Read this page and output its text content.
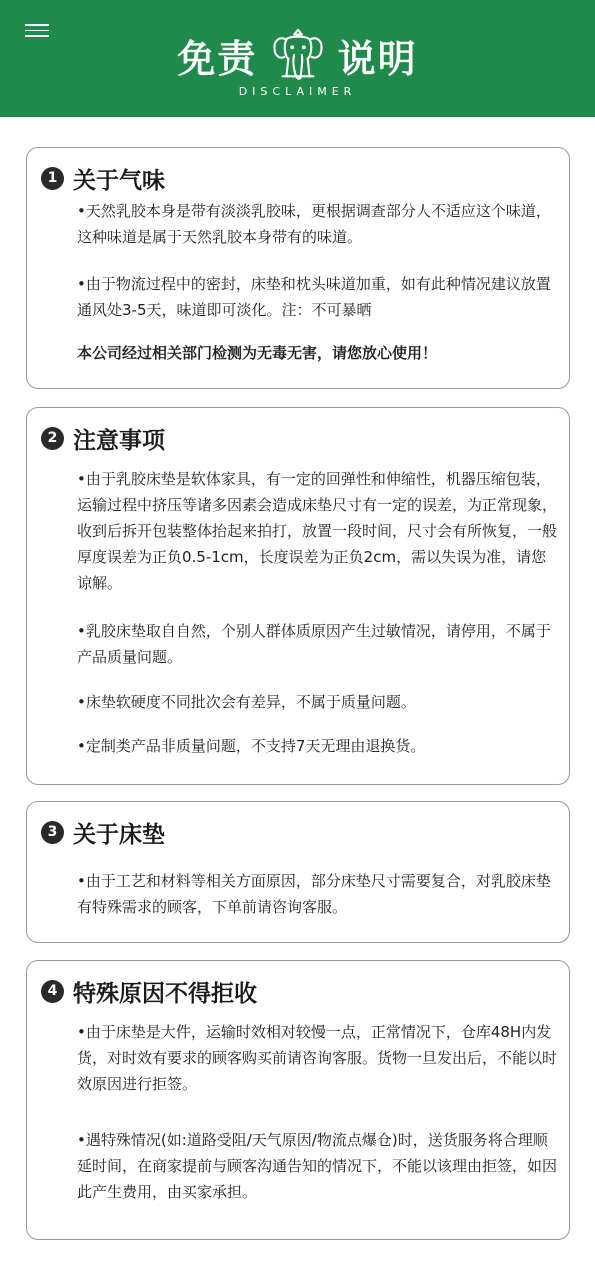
免责 说明
DISCLAIMER
1 关于气味
•天然乳胶本身是带有淡淡乳胶味，更根据调查部分人不适应这个味道，这种味道是属于天然乳胶本身带有的味道。
•由于物流过程中的密封，床垫和枕头味道加重，如有此种情况建议放置通风处3-5天，味道即可淡化。注：不可暴晒
本公司经过相关部门检测为无毒无害，请您放心使用！
2 注意事项
•由于乳胶床垫是软体家具，有一定的回弹性和伸缩性，机器压缩包装，运输过程中挤压等诸多因素会造成床垫尺寸有一定的误差，为正常现象，收到后拆开包装整体抬起来拍打，放置一段时间，尺寸会有所恢复，一般厚度误差为正负0.5-1cm，长度误差为正负2cm，需以失误为准，请您谅解。
•乳胶床垫取自自然，个别人群体质原因产生过敏情况，请停用，不属于产品质量问题。
•床垫软硬度不同批次会有差异，不属于质量问题。
•定制类产品非质量问题，不支持7天无理由退换货。
3 关于床垫
•由于工艺和材料等相关方面原因，部分床垫尺寸需要复合，对乳胶床垫有特殊需求的顾客，下单前请咨询客服。
4 特殊原因不得拒收
•由于床垫是大件，运输时效相对较慢一点，正常情况下，仓库48H内发货，对时效有要求的顾客购买前请咨询客服。货物一旦发出后，不能以时效原因进行拒签。
•遇特殊情况(如:道路受阻/天气原因/物流点爆仓)时，送货服务将合理顺延时间，在商家提前与顾客沟通告知的情况下，不能以该理由拒签，如因此产生费用，由买家承担。
